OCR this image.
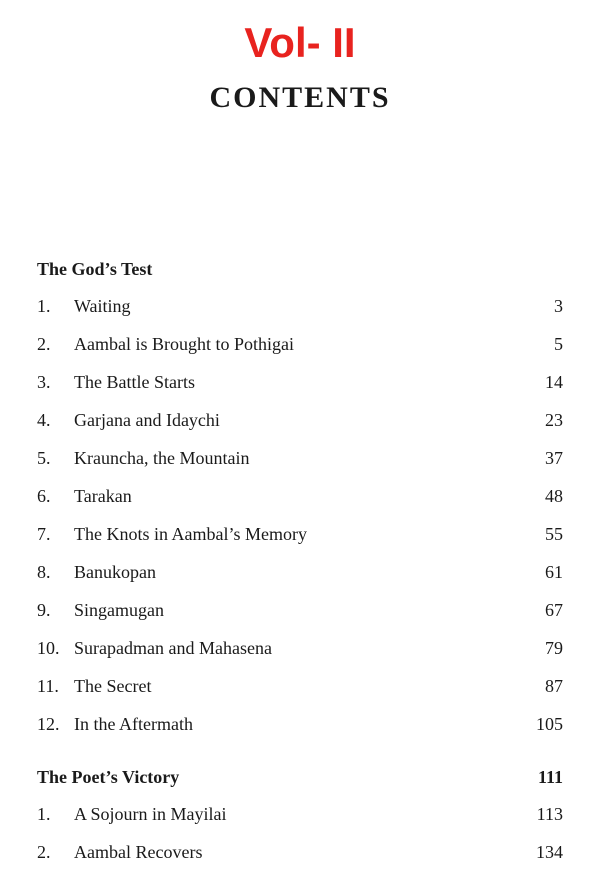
Vol- II
CONTENTS
The God’s Test
1. Waiting	3
2. Aambal is Brought to Pothigai	5
3. The Battle Starts	14
4. Garjana and Idaychi	23
5. Krauncha, the Mountain	37
6. Tarakan	48
7. The Knots in Aambal’s Memory	55
8. Banukopan	61
9. Singamugan	67
10. Surapadman and Mahasena	79
11. The Secret	87
12. In the Aftermath	105
The Poet’s Victory	111
1. A Sojourn in Mayilai	113
2. Aambal Recovers	134
